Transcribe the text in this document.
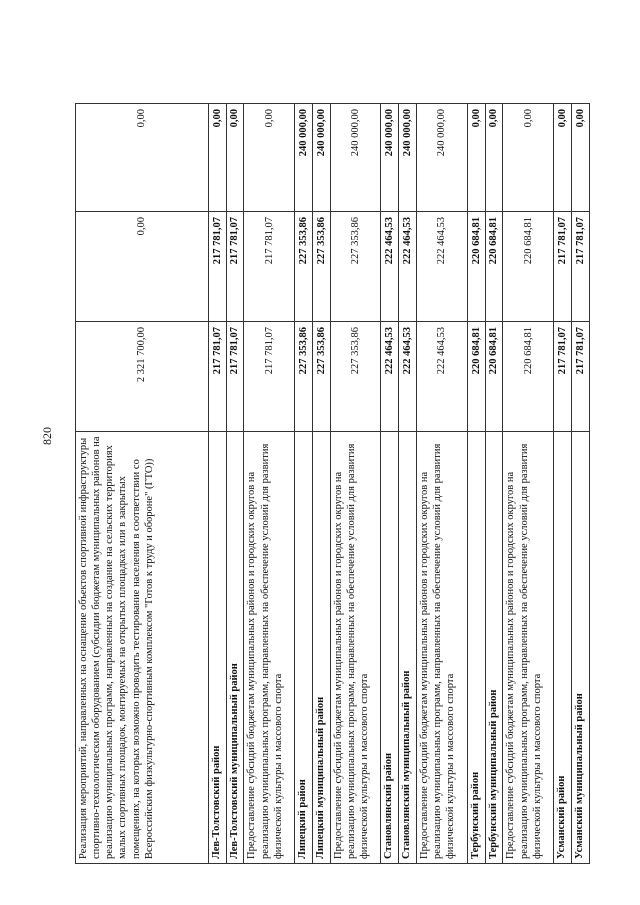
820
Реализация мероприятий, направленных на оснащение объектов спортивной инфраструктуры спортивно-технологическим оборудованием (субсидии бюджетам муниципальных районов на реализацию муниципальных программ, направленных на создание на сельских территориях малых спортивных площадок, монтируемых на открытых площадках или в закрытых помещениях, на которых возможно проводить тестирование населения в соответствии со Всероссийским физкультурно-спортивным комплексом "Готов к труду и обороне" (ГТО))	2 321 700,00	0,00	0,00
Лев-Толстовский район	217 781,07	217 781,07	0,00
Лев-Толстовский муниципальный район	217 781,07	217 781,07	0,00
Предоставление субсидий бюджетам муниципальных районов и городских округов на реализацию муниципальных программ, направленных на обеспечение условий для развития физической культуры и массового спорта	217 781,07	217 781,07	0,00
Липецкий район	227 353,86	227 353,86	240 000,00
Липецкий муниципальный район	227 353,86	227 353,86	240 000,00
Предоставление субсидий бюджетам муниципальных районов и городских округов на реализацию муниципальных программ, направленных на обеспечение условий для развития физической культуры и массового спорта	227 353,86	227 353,86	240 000,00
Становлянский район	222 464,53	222 464,53	240 000,00
Становлянский муниципальный район	222 464,53	222 464,53	240 000,00
Предоставление субсидий бюджетам муниципальных районов и городских округов на реализацию муниципальных программ, направленных на обеспечение условий для развития физической культуры и массового спорта	222 464,53	222 464,53	240 000,00
Тербунский район	220 684,81	220 684,81	0,00
Тербунский муниципальный район	220 684,81	220 684,81	0,00
Предоставление субсидий бюджетам муниципальных районов и городских округов на реализацию муниципальных программ, направленных на обеспечение условий для развития физической культуры и массового спорта	220 684,81	220 684,81	0,00
Усманский район	217 781,07	217 781,07	0,00
Усманский муниципальный район	217 781,07	217 781,07	0,00
